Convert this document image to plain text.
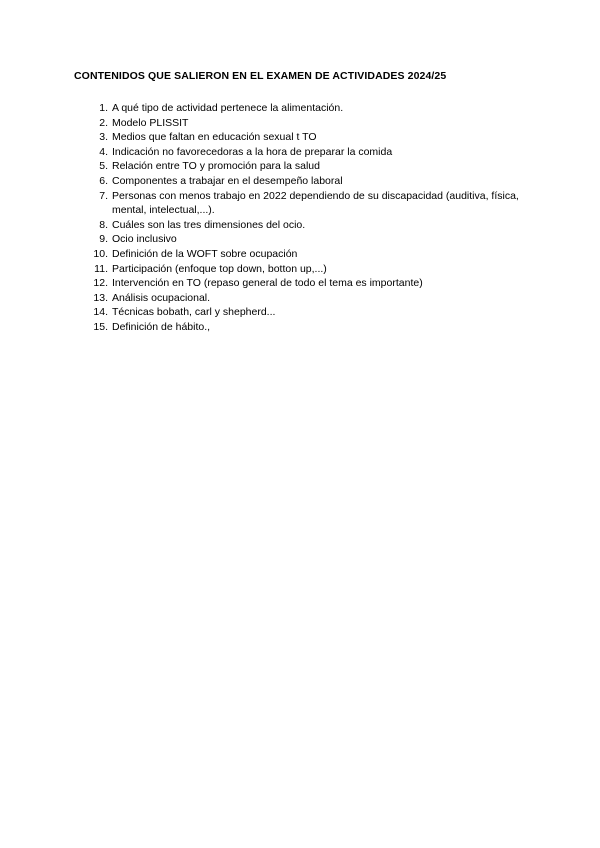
CONTENIDOS QUE SALIERON EN EL EXAMEN DE ACTIVIDADES 2024/25
1. A qué tipo de actividad pertenece la alimentación.
2. Modelo PLISSIT
3. Medios que faltan en educación sexual t TO
4. Indicación no favorecedoras a la hora de preparar la comida
5. Relación entre TO y promoción para la salud
6. Componentes a trabajar en el desempeño laboral
7. Personas con menos trabajo en 2022 dependiendo de su discapacidad (auditiva, física, mental, intelectual,...).
8. Cuáles son las tres dimensiones del ocio.
9. Ocio inclusivo
10. Definición de la WOFT sobre ocupación
11. Participación (enfoque top down, botton up,...)
12. Intervención en TO (repaso general de todo el tema es importante)
13. Análisis ocupacional.
14. Técnicas bobath, carl y shepherd...
15. Definición de hábito.,
